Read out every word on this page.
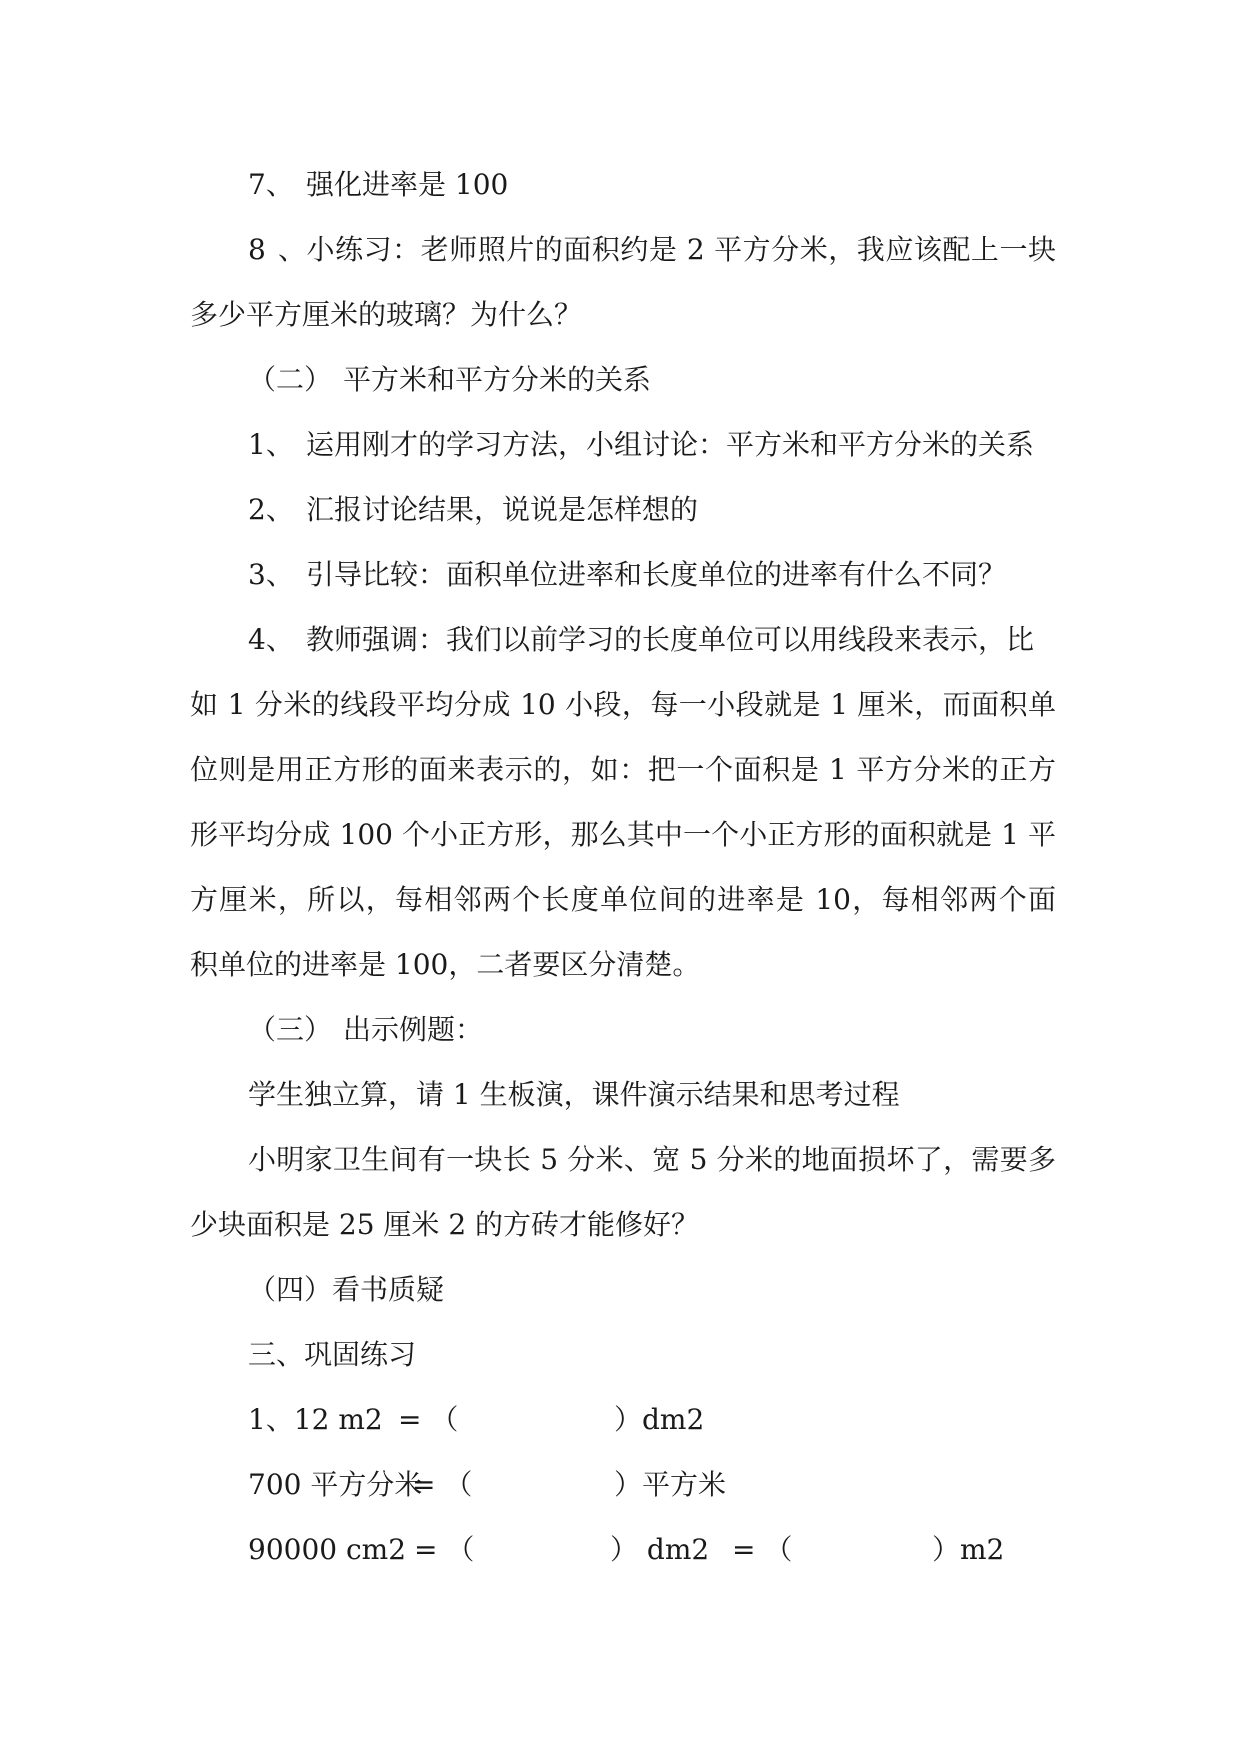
7、 强化进率是 100
8、小练习：老师照片的面积约是 2 平方分米，我应该配上一块
多少平方厘米的玻璃？为什么？
（二） 平方米和平方分米的关系
1、 运用刚才的学习方法，小组讨论：平方米和平方分米的关系
2、 汇报讨论结果，说说是怎样想的
3、 引导比较：面积单位进率和长度单位的进率有什么不同？
4、 教师强调：我们以前学习的长度单位可以用线段来表示，比
如 1 分米的线段平均分成 10 小段，每一小段就是 1 厘米，而面积单
位则是用正方形的面来表示的，如：把一个面积是 1 平方分米的正方
形平均分成 100 个小正方形，那么其中一个小正方形的面积就是 1 平
方厘米，所以，每相邻两个长度单位间的进率是 10，每相邻两个面
积单位的进率是 100，二者要区分清楚。
（三） 出示例题：
学生独立算，请 1 生板演，课件演示结果和思考过程
小明家卫生间有一块长 5 分米、宽 5 分米的地面损坏了，需要多
少块面积是 25 厘米 2 的方砖才能修好？
（四）看书质疑
三、巩固练习
1、12 m2 = （	）dm2
700 平方分米= （	）平方米
90000 cm2 = （	） dm2 = （	）m2
